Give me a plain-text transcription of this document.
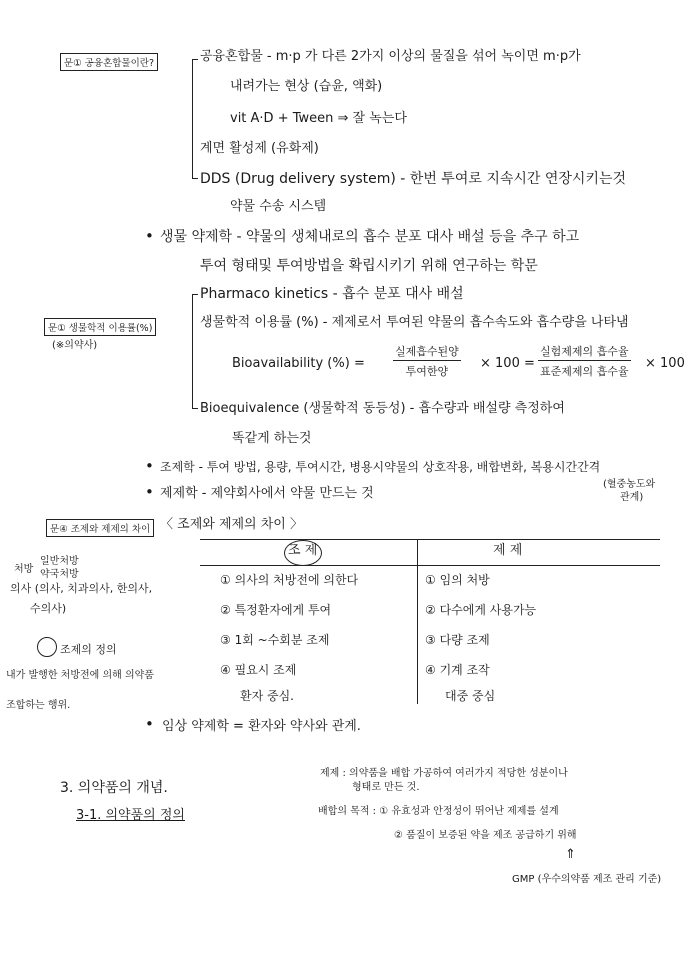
문① 공융혼합물이란?
문① 생물학적 이용률(%)
(※의약사)
문④ 조제와 제제의 차이
공융혼합물 - m·p 가 다른 2가지 이상의 물질을 섞어 녹이면 m·p가
내려가는 현상 (습윤, 액화)
vit A·D + Tween ⇒ 잘 녹는다
계면 활성제 (유화제)
DDS (Drug delivery system) - 한번 투여로 지속시간 연장시키는것
약물 수송 시스템
• 생물 약제학 - 약물의 생체내로의 흡수 분포 대사 배설 등을 추구 하고
투여 형태및 투여방법을 확립시키기 위해 연구하는 학문
Pharmaco kinetics - 흡수 분포 대사 배설
생물학적 이용률 (%) - 제제로서 투여된 약물의 흡수속도와 흡수량을 나타냄
Bioavailability (%) =
실제흡수된양
투여한양
× 100 =
실험제제의 흡수율
표준제제의 흡수율
× 100
Bioequivalence (생물학적 동등성) - 흡수량과 배설량 측정하여
똑같게 하는것
• 조제학 - 투여 방법, 용량, 투여시간, 병용시약물의 상호작용, 배합변화, 복용시간간격
• 제제학 - 제약회사에서 약물 만드는 것
(혈중농도와
관계)
〈 조제와 제제의 차이 〉
조 제	제 제
① 의사의 처방전에 의한다
② 특정환자에게 투여
③ 1회 ~수회분 조제
④ 필요시 조제
환자 중심.
① 임의 처방
② 다수에게 사용가능
③ 다량 조제
④ 기계 조작
대중 중심
처방
일반처방
약국처방
의사 (의사, 치과의사, 한의사,
수의사)
조제의 정의
내가 발행한 처방전에 의해 의약품
조합하는 행위.
• 임상 약제학 = 환자와 약사와 관계.
3. 의약품의 개념.
3-1. 의약품의 정의
제제 : 의약품을 배합 가공하여 여러가지 적당한 성분이나
형태로 만든 것.
배합의 목적 : ① 유효성과 안정성이 뛰어난 제제를 설계
② 품질이 보증된 약을 제조 공급하기 위해
⇑
GMP (우수의약품 제조 관리 기준)
